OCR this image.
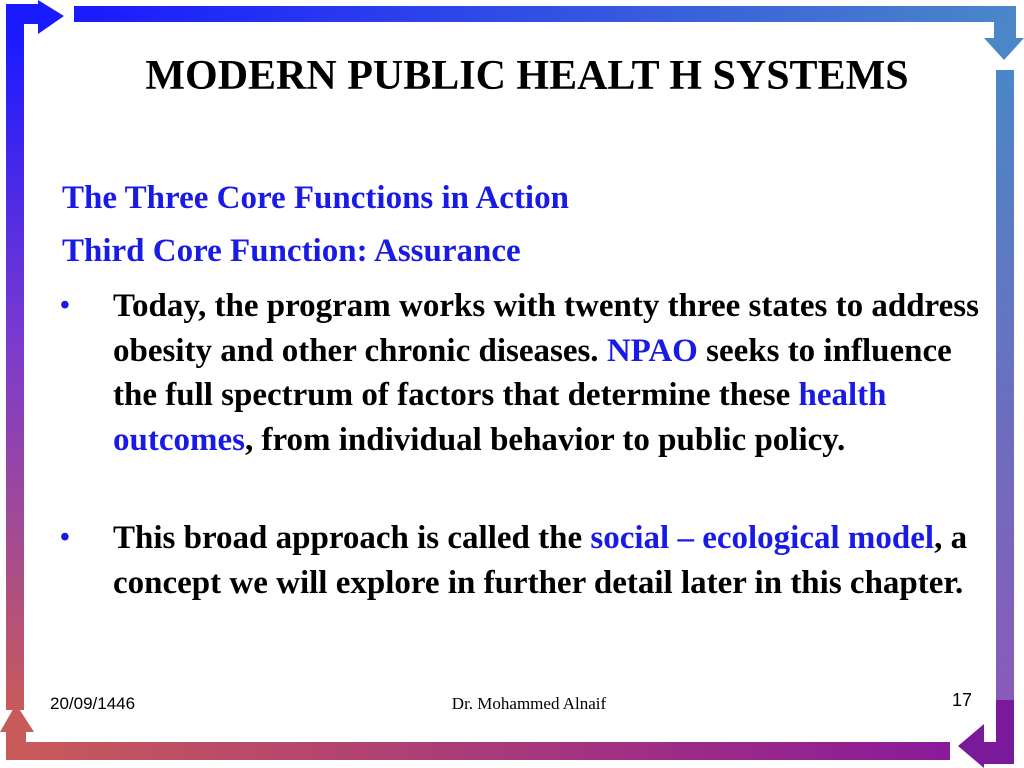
MODERN PUBLIC HEALT H SYSTEMS
The Three Core Functions in Action
Third Core Function: Assurance
• Today, the program works with twenty three states to address obesity and other chronic diseases. NPAO seeks to influence the full spectrum of factors that determine these health outcomes, from individual behavior to public policy.
• This broad approach is called the social – ecological model, a concept we will explore in further detail later in this chapter.
20/09/1446	Dr. Mohammed Alnaif	17
